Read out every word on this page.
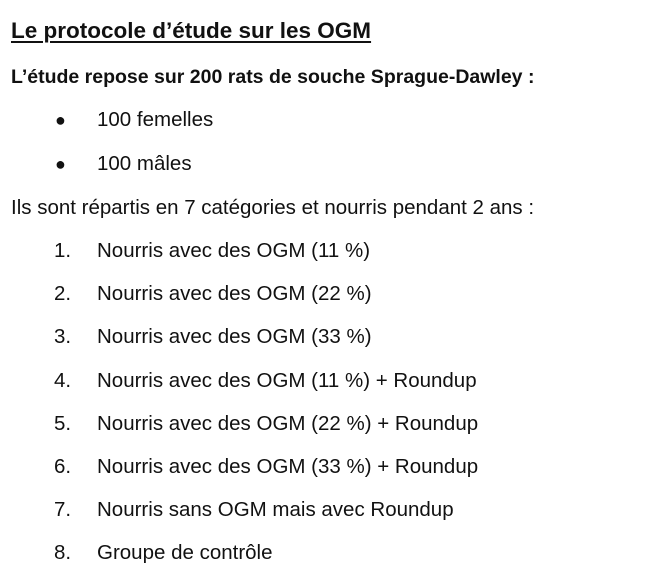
Le protocole d’étude sur les OGM

L’étude repose sur 200 rats de souche Sprague-Dawley :

● 100 femelles
● 100 mâles

Ils sont répartis en 7 catégories et nourris pendant 2 ans :

1. Nourris avec des OGM (11 %)
2. Nourris avec des OGM (22 %)
3. Nourris avec des OGM (33 %)
4. Nourris avec des OGM (11 %) + Roundup
5. Nourris avec des OGM (22 %) + Roundup
6. Nourris avec des OGM (33 %) + Roundup
7. Nourris sans OGM mais avec Roundup
8. Groupe de contrôle
